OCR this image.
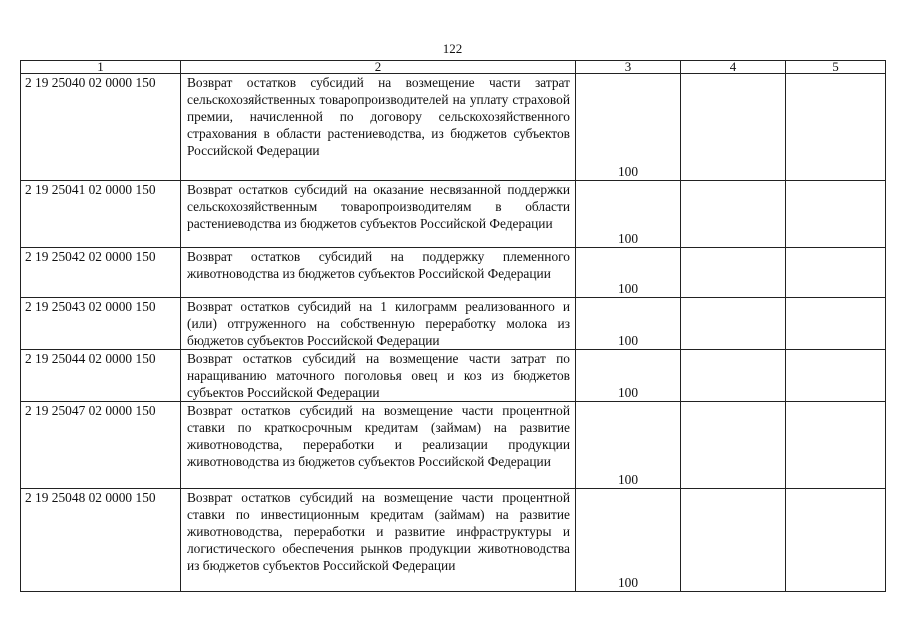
122
1	2	3	4	5
2 19 25040 02 0000 150	Возврат остатков субсидий на возмещение части затрат сельскохозяйственных товаропроизводителей на уплату страховой премии, начисленной по договору сельскохозяйственного страхования в области растениеводства, из бюджетов субъектов Российской Федерации	100		
2 19 25041 02 0000 150	Возврат остатков субсидий на оказание несвязанной поддержки сельскохозяйственным товаропроизводителям в области растениеводства из бюджетов субъектов Российской Федерации	100		
2 19 25042 02 0000 150	Возврат остатков субсидий на поддержку племенного животноводства из бюджетов субъектов Российской Федерации	100		
2 19 25043 02 0000 150	Возврат остатков субсидий на 1 килограмм реализованного и (или) отгруженного на собственную переработку молока из бюджетов субъектов Российской Федерации	100		
2 19 25044 02 0000 150	Возврат остатков субсидий на возмещение части затрат по наращиванию маточного поголовья овец и коз из бюджетов субъектов Российской Федерации	100		
2 19 25047 02 0000 150	Возврат остатков субсидий на возмещение части процентной ставки по краткосрочным кредитам (займам) на развитие животноводства, переработки и реализации продукции животноводства из бюджетов субъектов Российской Федерации	100		
2 19 25048 02 0000 150	Возврат остатков субсидий на возмещение части процентной ставки по инвестиционным кредитам (займам) на развитие животноводства, переработки и развитие инфраструктуры и логистического обеспечения рынков продукции животноводства из бюджетов субъектов Российской Федерации	100		
